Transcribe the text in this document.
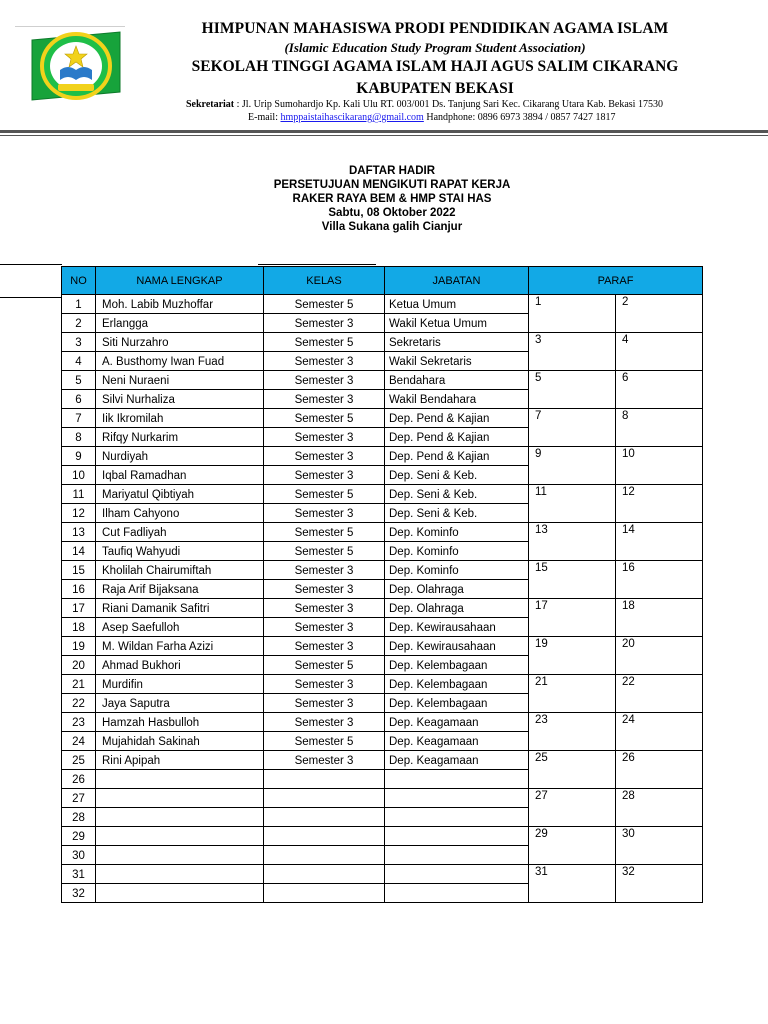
HIMPUNAN MAHASISWA PRODI PENDIDIKAN AGAMA ISLAM
(Islamic Education Study Program Student Association)
SEKOLAH TINGGI AGAMA ISLAM HAJI AGUS SALIM CIKARANG
KABUPATEN BEKASI
Sekretariat : Jl. Urip Sumohardjo Kp. Kali Ulu RT. 003/001 Ds. Tanjung Sari Kec. Cikarang Utara Kab. Bekasi 17530
E-mail: hmppaistaihascikarang@gmail.com Handphone: 0896 6973 3894 / 0857 7427 1817
DAFTAR HADIR
PERSETUJUAN MENGIKUTI RAPAT KERJA
RAKER RAYA BEM & HMP STAI HAS
Sabtu, 08 Oktober 2022
Villa Sukana galih Cianjur
NO	NAMA LENGKAP	KELAS	JABATAN	PARAF	
1	Moh. Labib Muzhoffar	Semester 5	Ketua Umum	1	2
2	Erlangga	Semester 3	Wakil Ketua Umum		
3	Siti Nurzahro	Semester 5	Sekretaris	3	4
4	A. Busthomy Iwan Fuad	Semester 3	Wakil Sekretaris		
5	Neni Nuraeni	Semester 3	Bendahara	5	6
6	Silvi Nurhaliza	Semester 3	Wakil Bendahara		
7	Iik Ikromilah	Semester 5	Dep. Pend & Kajian	7	8
8	Rifqy Nurkarim	Semester 3	Dep. Pend & Kajian		
9	Nurdiyah	Semester 3	Dep. Pend & Kajian	9	10
10	Iqbal Ramadhan	Semester 3	Dep. Seni & Keb.		
11	Mariyatul Qibtiyah	Semester 5	Dep. Seni & Keb.	11	12
12	Ilham Cahyono	Semester 3	Dep. Seni & Keb.		
13	Cut Fadliyah	Semester 5	Dep. Kominfo	13	14
14	Taufiq Wahyudi	Semester 5	Dep. Kominfo		
15	Kholilah Chairumiftah	Semester 3	Dep. Kominfo	15	16
16	Raja Arif Bijaksana	Semester 3	Dep. Olahraga		
17	Riani Damanik Safitri	Semester 3	Dep. Olahraga	17	18
18	Asep Saefulloh	Semester 3	Dep. Kewirausahaan		
19	M. Wildan Farha Azizi	Semester 3	Dep. Kewirausahaan	19	20
20	Ahmad Bukhori	Semester 5	Dep. Kelembagaan		
21	Murdifin	Semester 3	Dep. Kelembagaan	21	22
22	Jaya Saputra	Semester 3	Dep. Kelembagaan		
23	Hamzah Hasbulloh	Semester 3	Dep. Keagamaan	23	24
24	Mujahidah Sakinah	Semester 5	Dep. Keagamaan		
25	Rini Apipah	Semester 3	Dep. Keagamaan	25	26
26					
27				27	28
28					
29				29	30
30					
31				31	32
32					
